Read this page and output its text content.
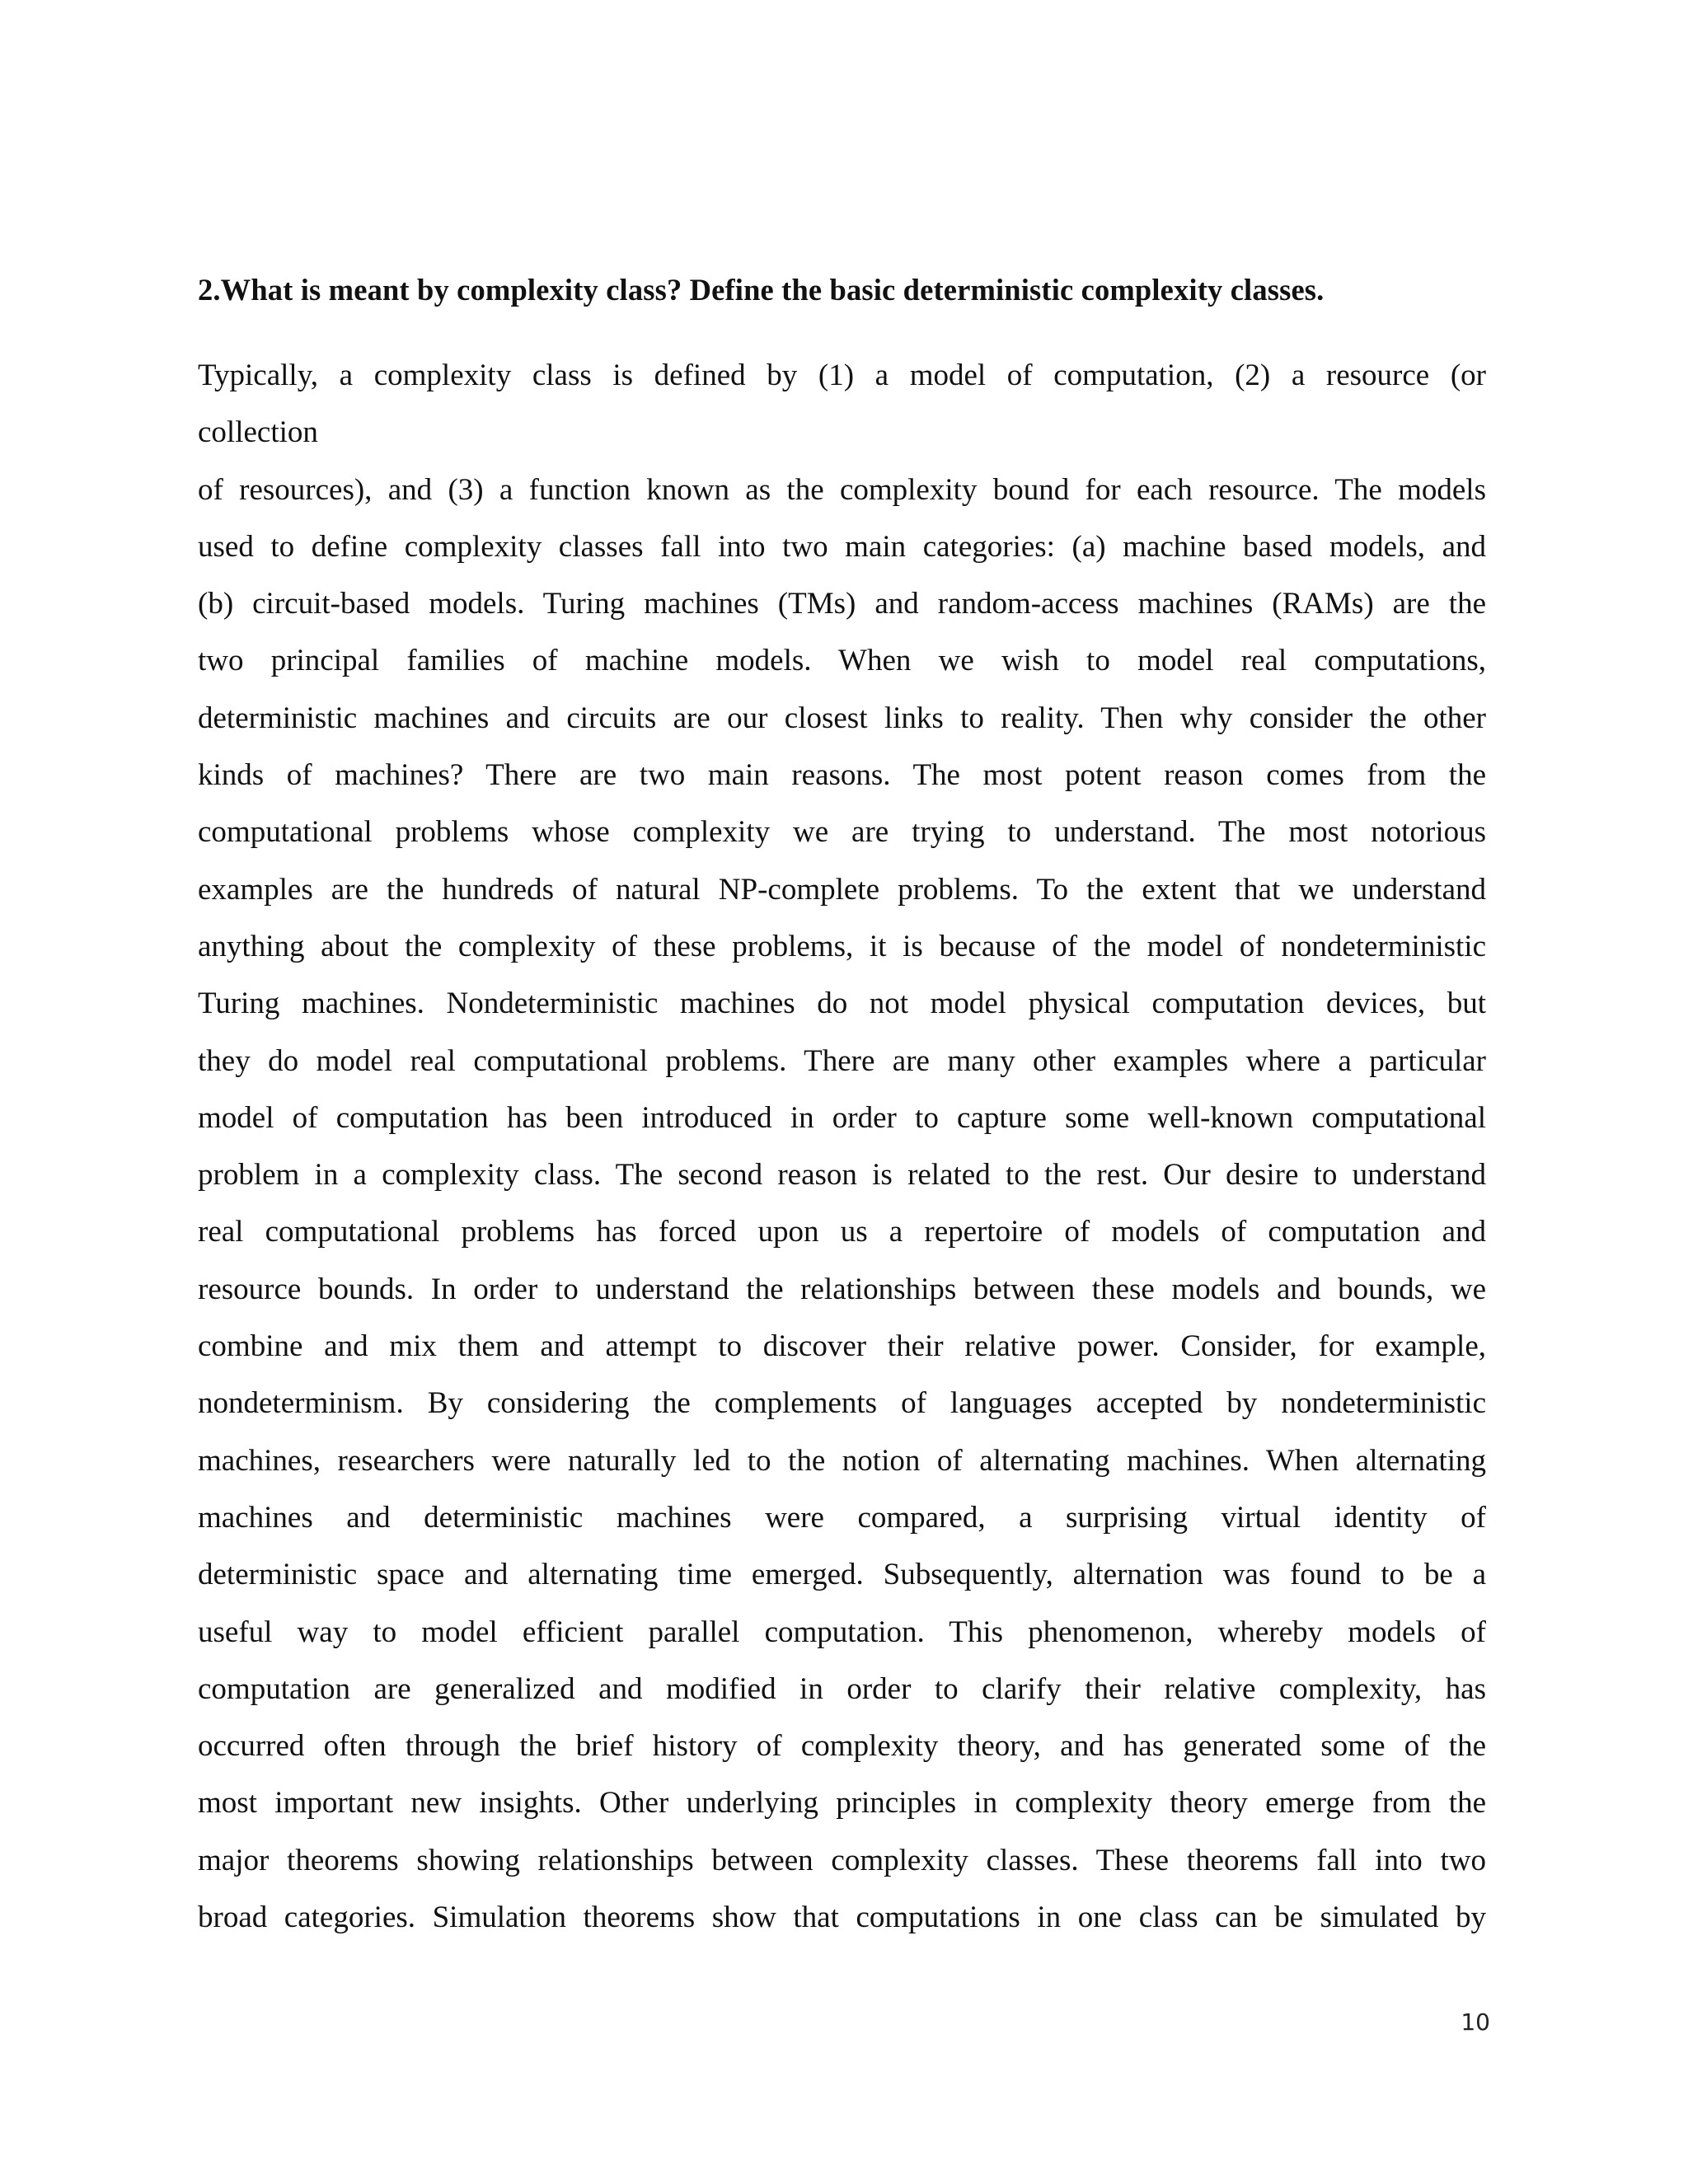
2.What is meant by complexity class? Define the basic deterministic complexity classes.
Typically, a complexity class is defined by (1) a model of computation, (2) a resource (or
collection
of resources), and (3) a function known as the complexity bound for each resource. The models
used to define complexity classes fall into two main categories: (a) machine based models, and
(b) circuit-based models. Turing machines (TMs) and random-access machines (RAMs) are the
two principal families of machine models. When we wish to model real computations,
deterministic machines and circuits are our closest links to reality. Then why consider the other
kinds of machines? There are two main reasons. The most potent reason comes from the
computational problems whose complexity we are trying to understand. The most notorious
examples are the hundreds of natural NP-complete problems. To the extent that we understand
anything about the complexity of these problems, it is because of the model of nondeterministic
Turing machines. Nondeterministic machines do not model physical computation devices, but
they do model real computational problems. There are many other examples where a particular
model of computation has been introduced in order to capture some well-known computational
problem in a complexity class. The second reason is related to the rest. Our desire to understand
real computational problems has forced upon us a repertoire of models of computation and
resource bounds. In order to understand the relationships between these models and bounds, we
combine and mix them and attempt to discover their relative power. Consider, for example,
nondeterminism. By considering the complements of languages accepted by nondeterministic
machines, researchers were naturally led to the notion of alternating machines. When alternating
machines and deterministic machines were compared, a surprising virtual identity of
deterministic space and alternating time emerged. Subsequently, alternation was found to be a
useful way to model efficient parallel computation. This phenomenon, whereby models of
computation are generalized and modified in order to clarify their relative complexity, has
occurred often through the brief history of complexity theory, and has generated some of the
most important new insights. Other underlying principles in complexity theory emerge from the
major theorems showing relationships between complexity classes. These theorems fall into two
broad categories. Simulation theorems show that computations in one class can be simulated by
10
